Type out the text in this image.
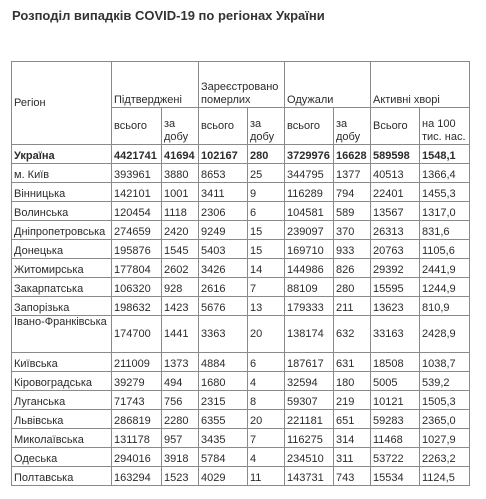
Розподіл випадків COVID-19 по регіонах України
Регіон	Підтверджені		Зареєстровано померлих		Одужали		Активні хворі	
	всього	за добу	всього	за добу	всього	за добу	Всього	на 100 тис. нас.
Україна	4421741	41694	102167	280	3729976	16628	589598	1548,1
м. Київ	393961	3880	8653	25	344795	1377	40513	1366,4
Вінницька	142101	1001	3411	9	116289	794	22401	1455,3
Волинська	120454	1118	2306	6	104581	589	13567	1317,0
Дніпропетровська	274659	2420	9249	15	239097	370	26313	831,6
Донецька	195876	1545	5403	15	169710	933	20763	1105,6
Житомирська	177804	2602	3426	14	144986	826	29392	2441,9
Закарпатська	106320	928	2616	7	88109	280	15595	1244,9
Запорізька	198632	1423	5676	13	179333	211	13623	810,9
Івано-Франківська	174700	1441	3363	20	138174	632	33163	2428,9
Київська	211009	1373	4884	6	187617	631	18508	1038,7
Кіровоградська	39279	494	1680	4	32594	180	5005	539,2
Луганська	71743	756	2315	8	59307	219	10121	1505,3
Львівська	286819	2280	6355	20	221181	651	59283	2365,0
Миколаївська	131178	957	3435	7	116275	314	11468	1027,9
Одеська	294016	3918	5784	4	234510	311	53722	2263,2
Полтавська	163294	1523	4029	11	143731	743	15534	1124,5
